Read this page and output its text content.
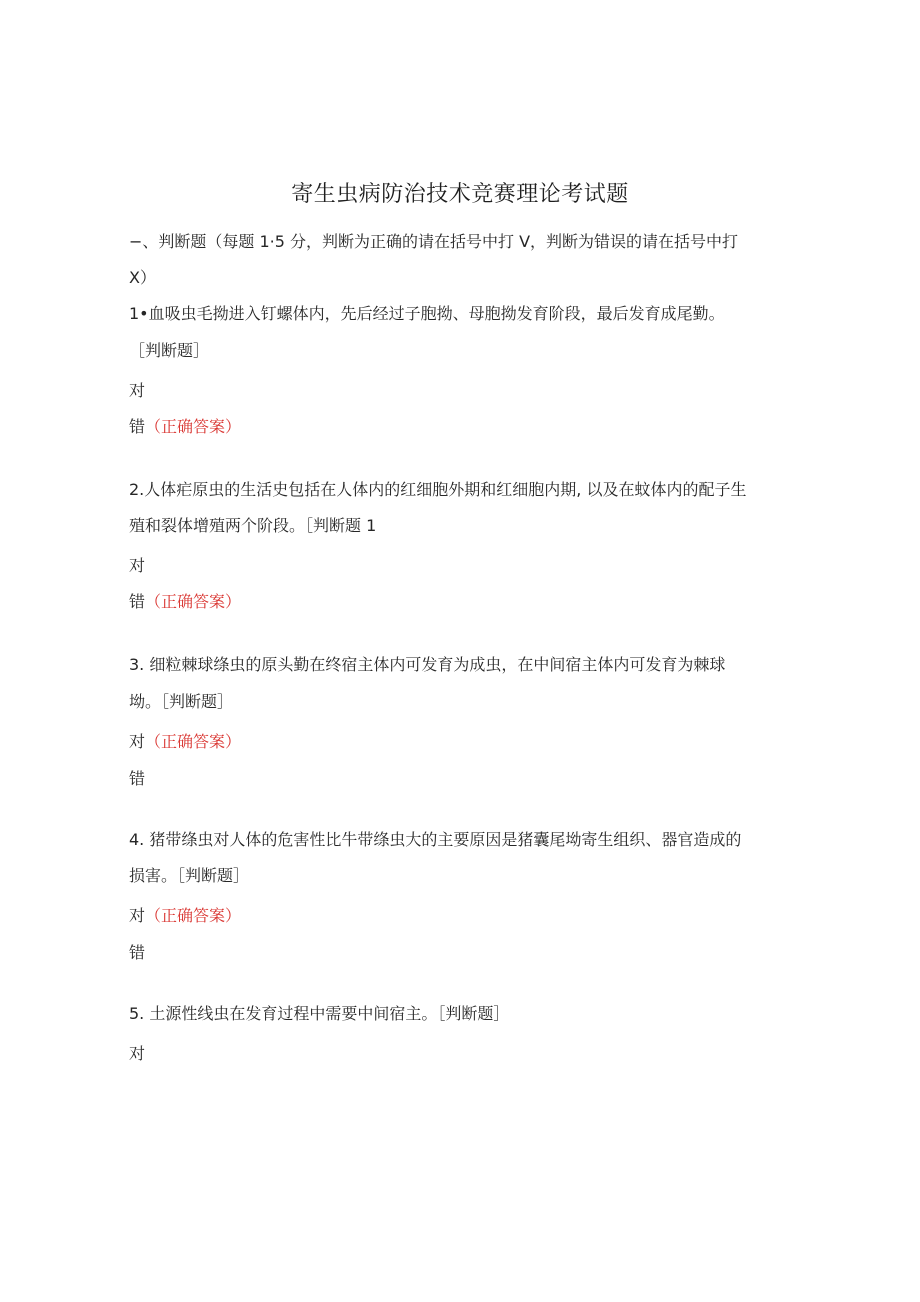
寄生虫病防治技术竞赛理论考试题
−、判断题（每题 1·5 分，判断为正确的请在括号中打 V，判断为错误的请在括号中打
X）
1•血吸虫毛拗进入钉螺体内，先后经过子胞拗、母胞拗发育阶段，最后发育成尾勤。
［判断题］
对
错（正确答案）
2.人体疟原虫的生活史包括在人体内的红细胞外期和红细胞内期, 以及在蚊体内的配子生
殖和裂体增殖两个阶段。［判断题 1
对
错（正确答案）
3. 细粒棘球绦虫的原头勤在终宿主体内可发育为成虫，在中间宿主体内可发育为棘球
坳。［判断题］
对（正确答案）
错
4. 猪带绦虫对人体的危害性比牛带绦虫大的主要原因是猪囊尾坳寄生组织、器官造成的
损害。［判断题］
对（正确答案）
错
5. 土源性线虫在发育过程中需要中间宿主。［判断题］
对
